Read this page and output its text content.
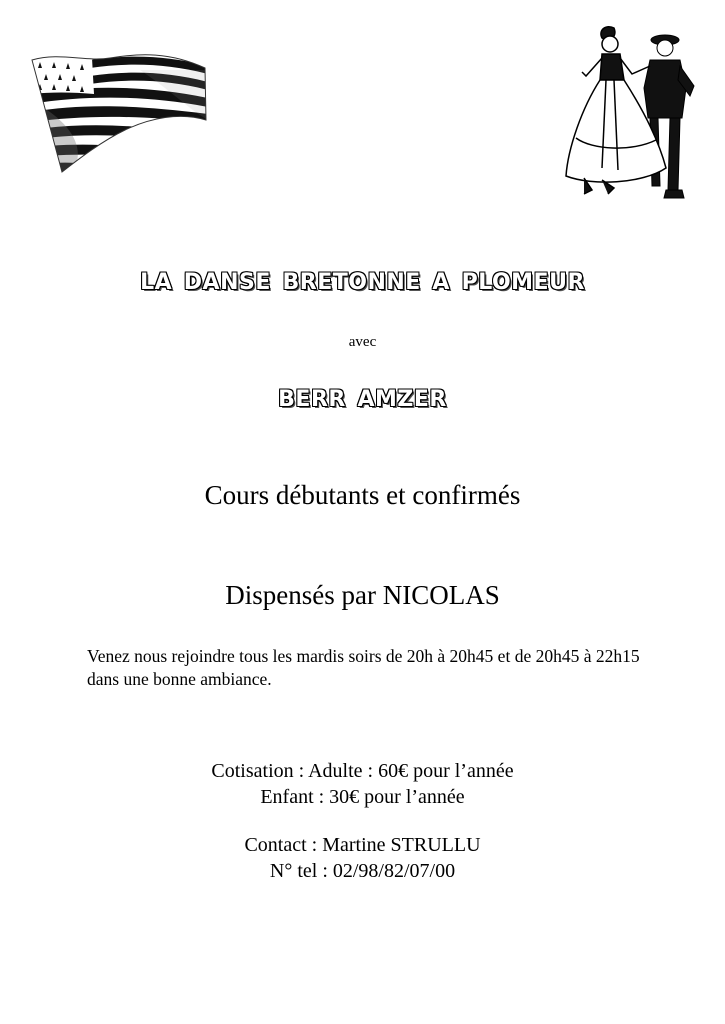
la danse bretonne a plomeur
avec
berr amzer
Cours débutants et confirmés
Dispensés par NICOLAS
Venez nous rejoindre tous les mardis soirs de 20h à 20h45 et de 20h45 à 22h15 dans une bonne ambiance.
Cotisation : Adulte : 60€ pour l’année
Enfant : 30€ pour l’année
Contact : Martine STRULLU
N° tel : 02/98/82/07/00
